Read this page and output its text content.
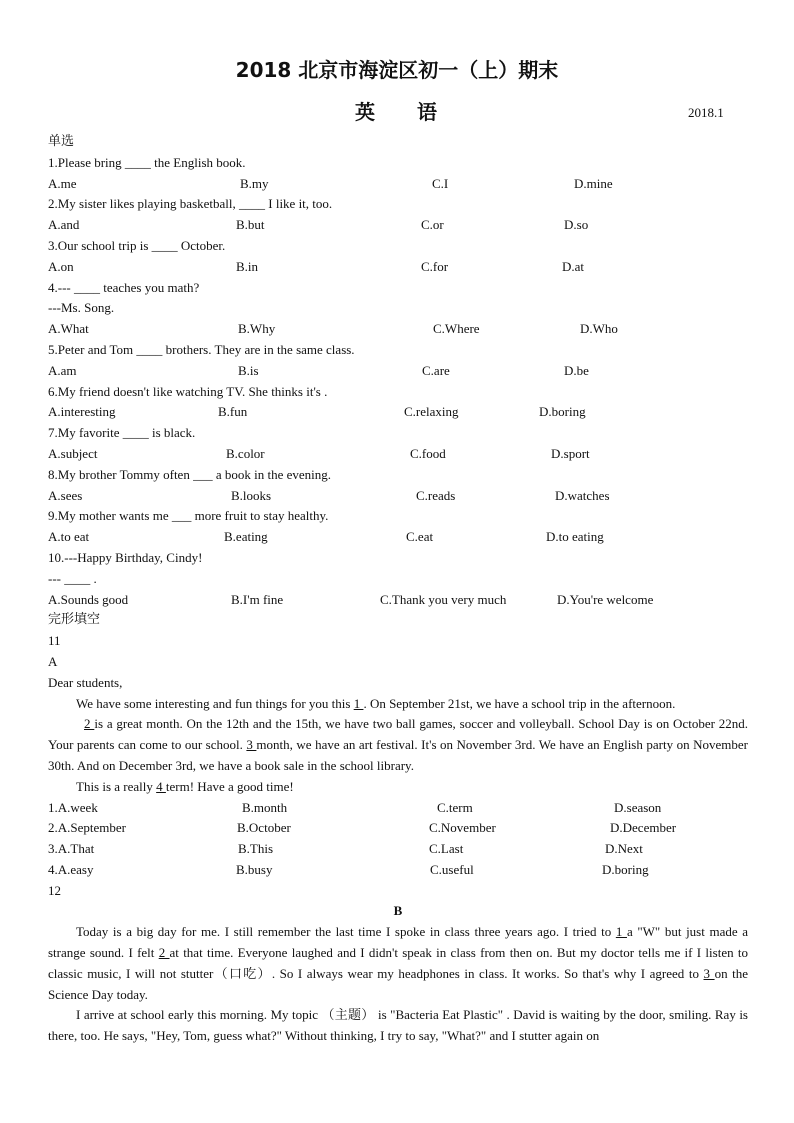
2018 北京市海淀区初一（上）期末
英 语	2018.1
单选
1.Please bring ____ the English book.
A.me	B.my	C.I	D.mine
2.My sister likes playing basketball, ____ I like it, too.
A.and	B.but	C.or	D.so
3.Our school trip is ____ October.
A.on	B.in	C.for	D.at
4.--- ____ teaches you math?
---Ms. Song.
A.What	B.Why	C.Where	D.Who
5.Peter and Tom ____ brothers. They are in the same class.
A.am	B.is	C.are	D.be
6.My friend doesn't like watching TV. She thinks it's .
A.interesting	B.fun	C.relaxing	D.boring
7.My favorite ____ is black.
A.subject	B.color	C.food	D.sport
8.My brother Tommy often ___ a book in the evening.
A.sees	B.looks	C.reads	D.watches
9.My mother wants me ___ more fruit to stay healthy.
A.to eat	B.eating	C.eat	D.to eating
10.---Happy Birthday, Cindy!
--- ____ .
A.Sounds good	B.I'm fine	C.Thank you very much	D.You're welcome
完形填空
11
A
Dear students,
We have some interesting and fun things for you this 1 . On September 21st, we have a school trip in the afternoon.
2 is a great month. On the 12th and the 15th, we have two ball games, soccer and volleyball. School Day is on October 22nd. Your parents can come to our school. 3 month, we have an art festival. It's on November 3rd. We have an English party on November 30th. And on December 3rd, we have a book sale in the school library.
This is a really 4 term! Have a good time!
1.A.week	B.month	C.term	D.season
2.A.September	B.October	C.November	D.December
3.A.That	B.This	C.Last	D.Next
4.A.easy	B.busy	C.useful	D.boring
12
B
Today is a big day for me. I still remember the last time I spoke in class three years ago. I tried to 1 a "W" but just made a strange sound. I felt 2 at that time. Everyone laughed and I didn't speak in class from then on. But my doctor tells me if I listen to classic music, I will not stutter（口吃）. So I always wear my headphones in class. It works. So that's why I agreed to 3 on the Science Day today.
I arrive at school early this morning. My topic （主题） is "Bacteria Eat Plastic" . David is waiting by the door, smiling. Ray is there, too. He says, "Hey, Tom, guess what?" Without thinking, I try to say, "What?" and I stutter again on
